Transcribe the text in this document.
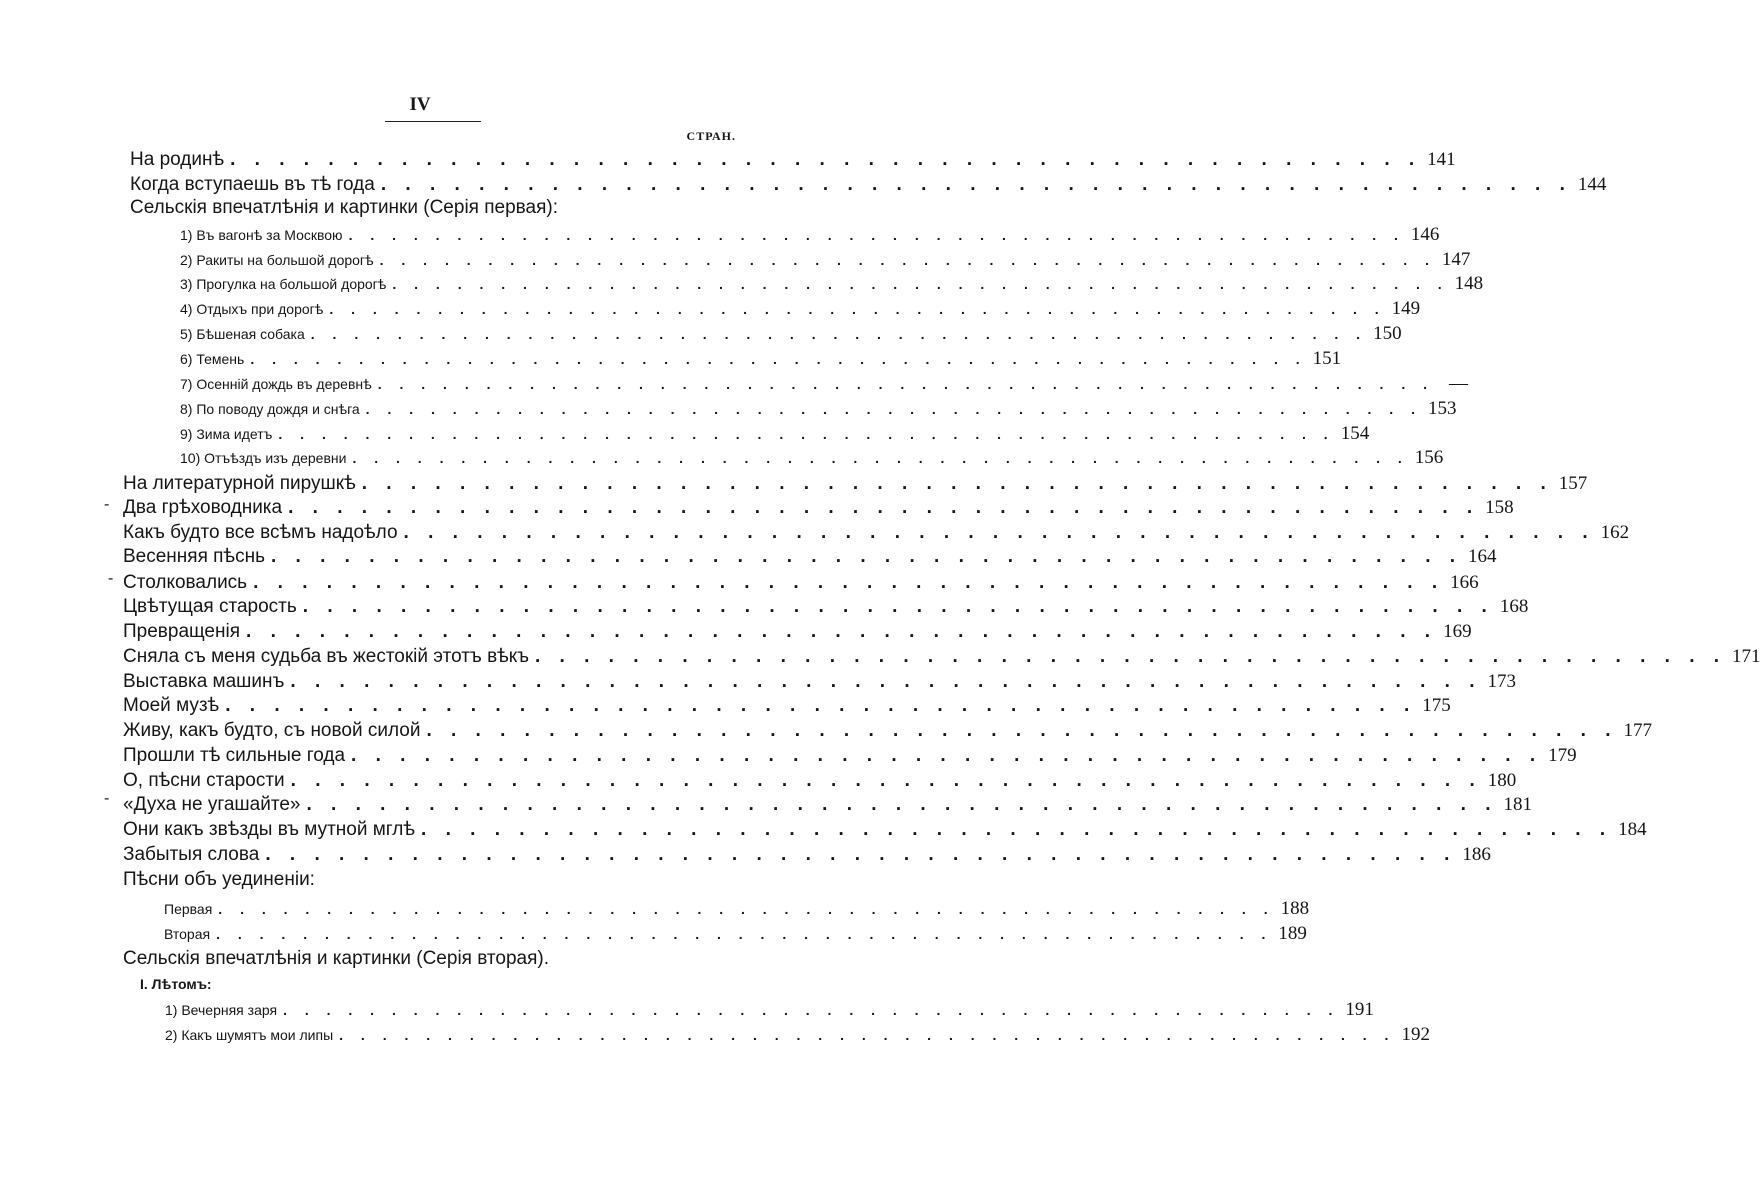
IV
СТРАН.
На родинѣ . . . . . . . . . . . . . . . . . . . . . . . . . . . . . . . . . . . . . . . . . . . . . . . . . 141
Когда вступаешь въ тѣ года . . . . . . . . . . . . . . . . . . . . . . . . . . . . . . . . . . . . . . . . . . . . . . . . . 144
Сельскія впечатлѣнія и картинки (Серія первая):
1) Въ вагонѣ за Москвою . . . . . . . . . . . . . . . . . . . . . . . . . . . . . . . . . . . . . . . . . . . . . . . . . 146
2) Ракиты на большой дорогѣ . . . . . . . . . . . . . . . . . . . . . . . . . . . . . . . . . . . . . . . . . . . . . . . . . 147
3) Прогулка на большой дорогѣ . . . . . . . . . . . . . . . . . . . . . . . . . . . . . . . . . . . . . . . . . . . . . . . . . 148
4) Отдыхъ при дорогѣ . . . . . . . . . . . . . . . . . . . . . . . . . . . . . . . . . . . . . . . . . . . . . . . . . 149
5) Бѣшеная собака . . . . . . . . . . . . . . . . . . . . . . . . . . . . . . . . . . . . . . . . . . . . . . . . . 150
6) Темень . . . . . . . . . . . . . . . . . . . . . . . . . . . . . . . . . . . . . . . . . . . . . . . . . 151
7) Осенній дождь въ деревнѣ . . . . . . . . . . . . . . . . . . . . . . . . . . . . . . . . . . . . . . . . . . . . . . . . . —
8) По поводу дождя и снѣга . . . . . . . . . . . . . . . . . . . . . . . . . . . . . . . . . . . . . . . . . . . . . . . . . 153
9) Зима идетъ . . . . . . . . . . . . . . . . . . . . . . . . . . . . . . . . . . . . . . . . . . . . . . . . . 154
10) Отъѣздъ изъ деревни . . . . . . . . . . . . . . . . . . . . . . . . . . . . . . . . . . . . . . . . . . . . . . . . . 156
На литературной пирушкѣ . . . . . . . . . . . . . . . . . . . . . . . . . . . . . . . . . . . . . . . . . . . . . . . . . 157
Два грѣховодника . . . . . . . . . . . . . . . . . . . . . . . . . . . . . . . . . . . . . . . . . . . . . . . . . 158
Какъ будто все всѣмъ надоѣло . . . . . . . . . . . . . . . . . . . . . . . . . . . . . . . . . . . . . . . . . . . . . . . . . 162
Весенняя пѣснь . . . . . . . . . . . . . . . . . . . . . . . . . . . . . . . . . . . . . . . . . . . . . . . . . 164
Столковались . . . . . . . . . . . . . . . . . . . . . . . . . . . . . . . . . . . . . . . . . . . . . . . . . 166
Цвѣтущая старость . . . . . . . . . . . . . . . . . . . . . . . . . . . . . . . . . . . . . . . . . . . . . . . . . 168
Превращенія . . . . . . . . . . . . . . . . . . . . . . . . . . . . . . . . . . . . . . . . . . . . . . . . . 169
Сняла съ меня судьба въ жестокій этотъ вѣкъ . . . . . . . . . . . . . . . . . . . . . . . . . . . . . . . . . . . . . . . . . . . . . . . . . 171
Выставка машинъ . . . . . . . . . . . . . . . . . . . . . . . . . . . . . . . . . . . . . . . . . . . . . . . . . 173
Моей музѣ . . . . . . . . . . . . . . . . . . . . . . . . . . . . . . . . . . . . . . . . . . . . . . . . . 175
Живу, какъ будто, съ новой силой . . . . . . . . . . . . . . . . . . . . . . . . . . . . . . . . . . . . . . . . . . . . . . . . . 177
Прошли тѣ сильные года . . . . . . . . . . . . . . . . . . . . . . . . . . . . . . . . . . . . . . . . . . . . . . . . . 179
О, пѣсни старости . . . . . . . . . . . . . . . . . . . . . . . . . . . . . . . . . . . . . . . . . . . . . . . . . 180
«Духа не угашайте» . . . . . . . . . . . . . . . . . . . . . . . . . . . . . . . . . . . . . . . . . . . . . . . . . 181
Они какъ звѣзды въ мутной мглѣ . . . . . . . . . . . . . . . . . . . . . . . . . . . . . . . . . . . . . . . . . . . . . . . . . 184
Забытыя слова . . . . . . . . . . . . . . . . . . . . . . . . . . . . . . . . . . . . . . . . . . . . . . . . . 186
Пѣсни объ уединеніи:
Первая . . . . . . . . . . . . . . . . . . . . . . . . . . . . . . . . . . . . . . . . . . . . . . . . . 188
Вторая . . . . . . . . . . . . . . . . . . . . . . . . . . . . . . . . . . . . . . . . . . . . . . . . . 189
Сельскія впечатлѣнія и картинки (Серія вторая).
I. Лѣтомъ:
1) Вечерняя заря . . . . . . . . . . . . . . . . . . . . . . . . . . . . . . . . . . . . . . . . . . . . . . . . . 191
2) Какъ шумятъ мои липы . . . . . . . . . . . . . . . . . . . . . . . . . . . . . . . . . . . . . . . . . . . . . . . . . 192
-
-
-
